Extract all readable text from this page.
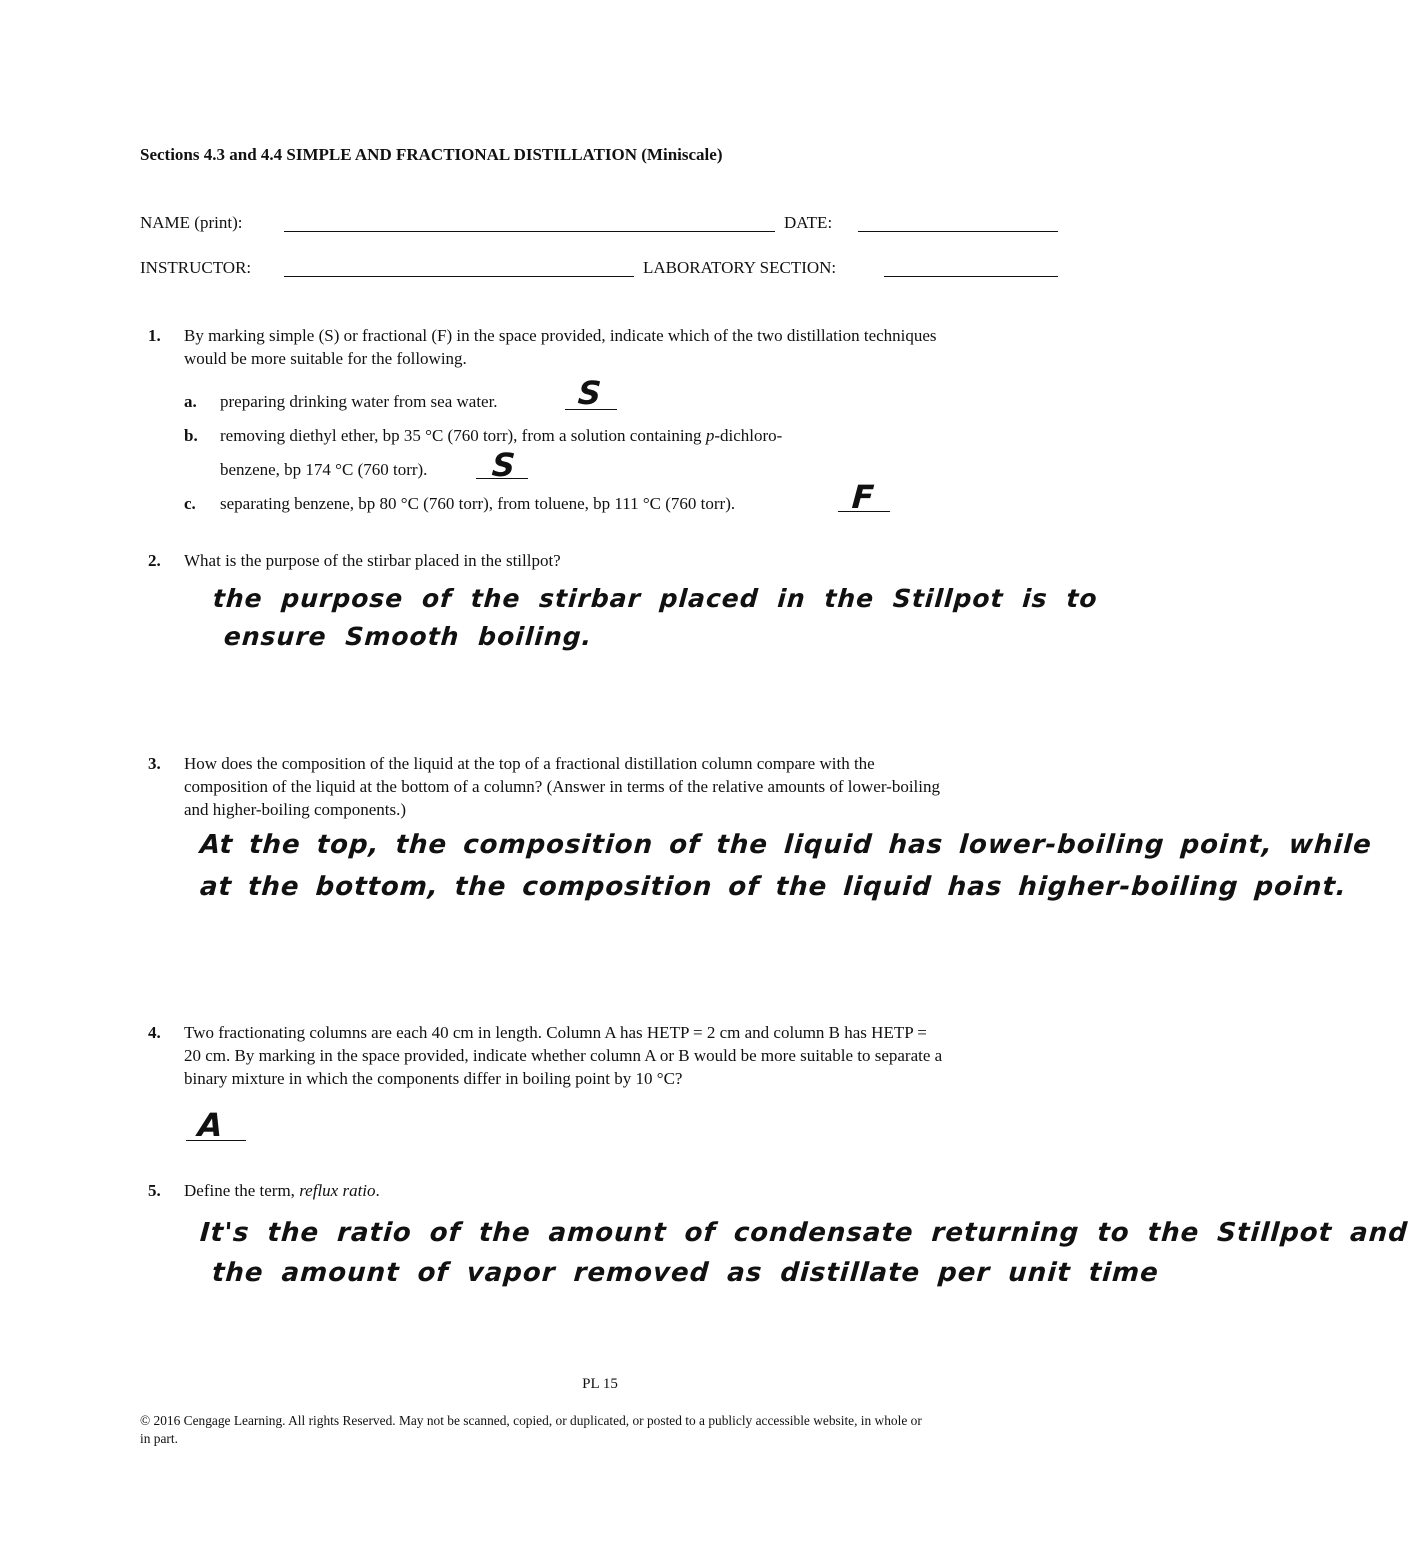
Sections 4.3 and 4.4 SIMPLE AND FRACTIONAL DISTILLATION (Miniscale)
NAME (print):	DATE:
INSTRUCTOR:	LABORATORY SECTION:
1. By marking simple (S) or fractional (F) in the space provided, indicate which of the two distillation techniques
would be more suitable for the following.
a. preparing drinking water from sea water. S
b. removing diethyl ether, bp 35 °C (760 torr), from a solution containing p-dichloro-
benzene, bp 174 °C (760 torr). S
c. separating benzene, bp 80 °C (760 torr), from toluene, bp 111 °C (760 torr).	F
2. What is the purpose of the stirbar placed in the stillpot?
the purpose of the stirbar placed in the Stillpot is to
ensure Smooth boiling.
3. How does the composition of the liquid at the top of a fractional distillation column compare with the
composition of the liquid at the bottom of a column? (Answer in terms of the relative amounts of lower-boiling
and higher-boiling components.)
At the top, the composition of the liquid has lower-boiling point, while
at the bottom, the composition of the liquid has higher-boiling point.
4. Two fractionating columns are each 40 cm in length. Column A has HETP = 2 cm and column B has HETP =
20 cm. By marking in the space provided, indicate whether column A or B would be more suitable to separate a
binary mixture in which the components differ in boiling point by 10 °C?
A
5. Define the term, reflux ratio.
It's the ratio of the amount of condensate returning to the Stillpot and
the amount of vapor removed as distillate per unit time
PL 15
© 2016 Cengage Learning. All rights Reserved. May not be scanned, copied, or duplicated, or posted to a publicly accessible website, in whole or
in part.
